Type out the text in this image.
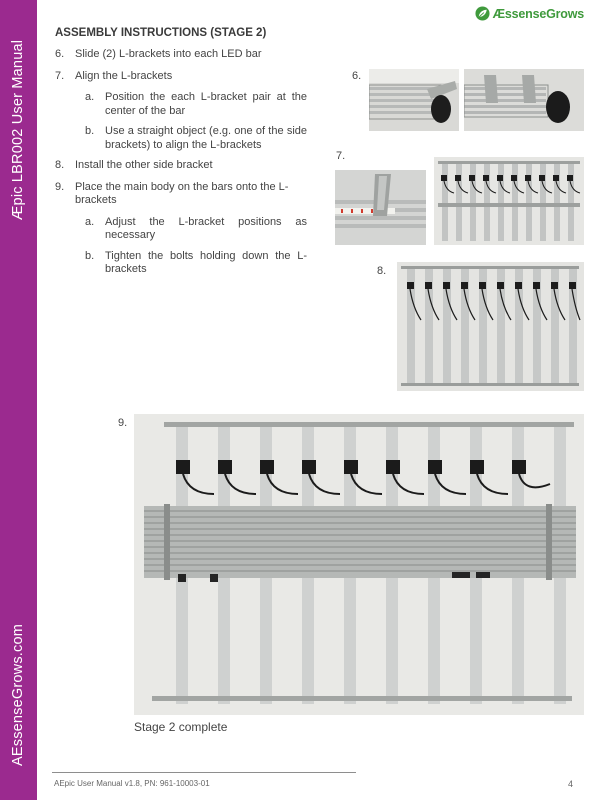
Æpic LBR002 User Manual
AEssenseGrows.com
ÆssenseGrows
ASSEMBLY INSTRUCTIONS (STAGE 2)
6. Slide (2) L-brackets into each LED bar
7. Align the L-brackets
a. Position the each L-bracket pair at the center of the bar
b. Use a straight object (e.g. one of the side brackets) to align the L-brackets
8. Install the other side bracket
9. Place the main body on the bars onto the L-brackets
a. Adjust the L-bracket positions as necessary
b. Tighten the bolts holding down the L-brackets
6.
7.
8.
9.
Stage 2 complete
AEpic User Manual v1.8, PN: 961-10003-01	4
